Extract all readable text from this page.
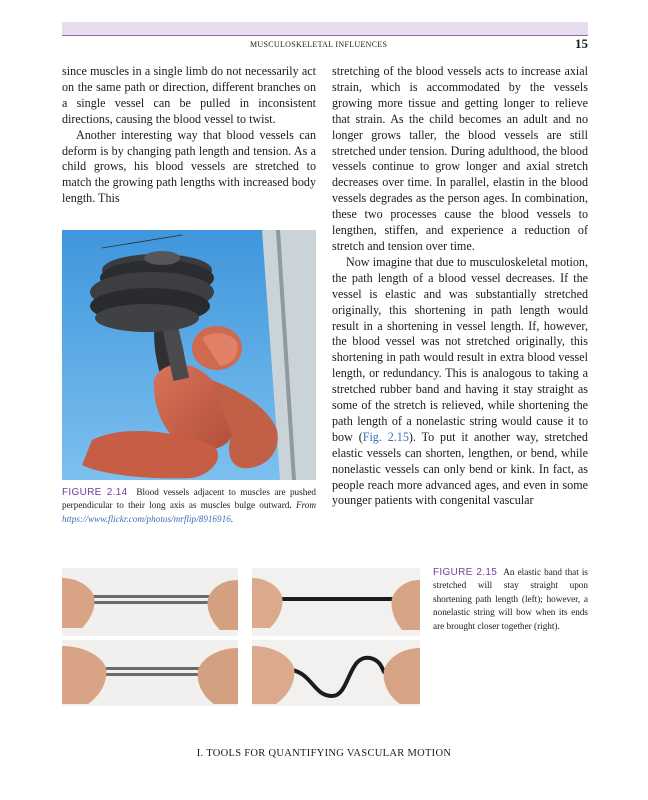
MUSCULOSKELETAL INFLUENCES	15

since muscles in a single limb do not necessarily act on the same path or direction, different branches on a single vessel can be pulled in inconsistent directions, causing the blood vessel to twist.

Another interesting way that blood vessels can deform is by changing path length and tension. As a child grows, his blood vessels are stretched to match the growing path lengths with increased body length. This

FIGURE 2.14 Blood vessels adjacent to muscles are pushed perpendicular to their long axis as muscles bulge outward. From https://www.flickr.com/photos/mrflip/8916916.

stretching of the blood vessels acts to increase axial strain, which is accommodated by the vessels growing more tissue and getting longer to relieve that strain. As the child becomes an adult and no longer grows taller, the blood vessels are still stretched under tension. During adulthood, the blood vessels continue to grow longer and axial stretch decreases over time. In parallel, elastin in the blood vessels degrades as the person ages. In combination, these two processes cause the blood vessels to lengthen, stiffen, and experience a reduction of stretch and tension over time.

Now imagine that due to musculoskeletal motion, the path length of a blood vessel decreases. If the vessel is elastic and was substantially stretched originally, this shortening in path length would result in a shortening in vessel length. If, however, the blood vessel was not stretched originally, this shortening in path would result in extra blood vessel length, or redundancy. This is analogous to taking a stretched rubber band and having it stay straight as some of the stretch is relieved, while shortening the path length of a nonelastic string would cause it to bow (Fig. 2.15). To put it another way, stretched elastic vessels can shorten, lengthen, or bend, while nonelastic vessels can only bend or kink. In fact, as people reach more advanced ages, and even in some younger patients with congenital vascular

FIGURE 2.15 An elastic band that is stretched will stay straight upon shortening path length (left); however, a nonelastic string will bow when its ends are brought closer together (right).
I. TOOLS FOR QUANTIFYING VASCULAR MOTION
